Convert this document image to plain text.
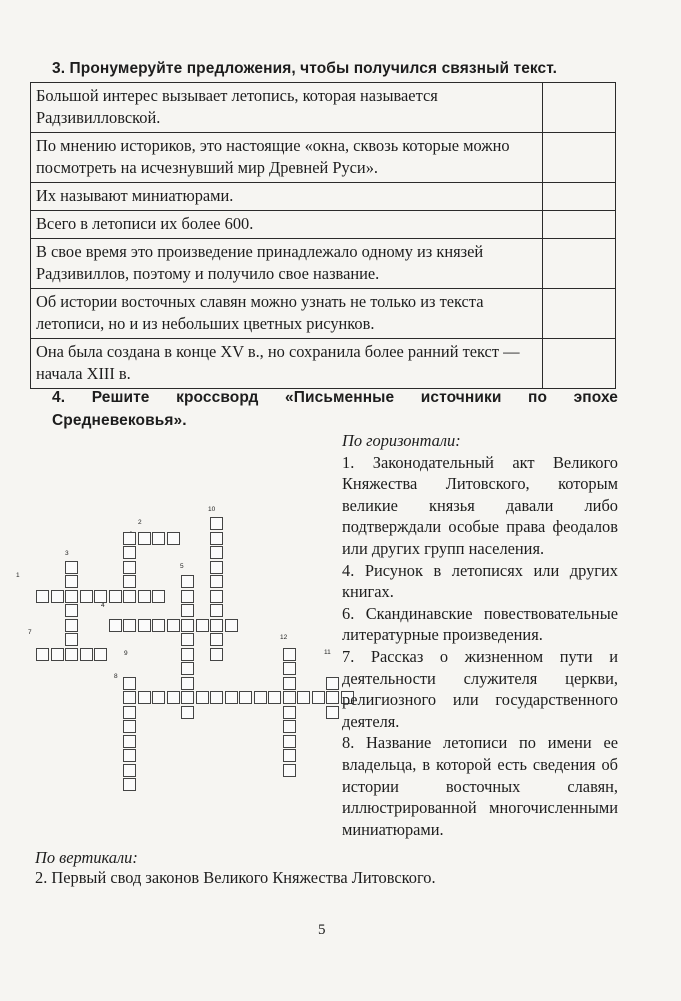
3. Пронумеруйте предложения, чтобы получился связный текст.
Большой интерес вызывает летопись, которая называется Радзивилловской.	
По мнению историков, это настоящие «окна, сквозь которые можно посмотреть на исчезнувший мир Древней Руси».	
Их называют миниатюрами.	
Всего в летописи их более 600.	
В свое время это произведение принадлежало одному из князей Радзивиллов, поэтому и получило свое название.	
Об истории восточных славян можно узнать не только из текста летописи, но и из небольших цветных рисунков.	
Она была создана в конце XV в., но сохранила более ранний текст — начала XIII в.	
4. Решите кроссворд «Письменные источники по эпохе Средневековья».
1
2
3
4
5
7
8
9
10
11
12
По горизонтали:

1. Законодательный акт Великого Княжества Литовского, которым великие князья давали либо подтверждали особые права феодалов или других групп населения.

4. Рисунок в летописях или других книгах.

6. Скандинавские повествовательные литературные произведения.

7. Рассказ о жизненном пути и деятельности служителя церкви, религиозного или государственного деятеля.

8. Название летописи по имени ее владельца, в которой есть сведения об истории восточных славян, иллюстрированной многочисленными миниатюрами.

По вертикали:
2. Первый свод законов Великого Княжества Литовского.
5
